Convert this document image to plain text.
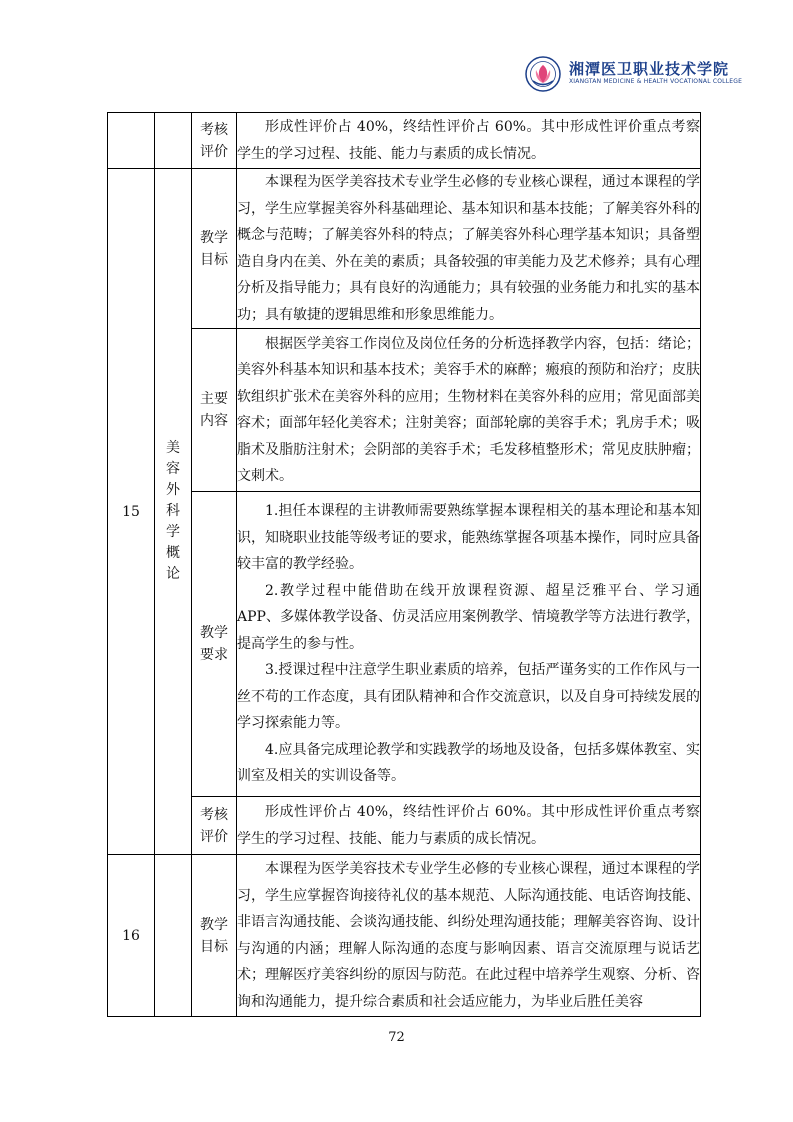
湘潭医卫职业技术学院
XIANGTAN MEDICINE & HEALTH VOCATIONAL COLLEGE
		考核评价	形成性评价占 40%，终结性评价占 60%。其中形成性评价重点考察学生的学习过程、技能、能力与素质的成长情况。

15	美容外科学概论	教学目标	本课程为医学美容技术专业学生必修的专业核心课程，通过本课程的学习，学生应掌握美容外科基础理论、基本知识和基本技能；了解美容外科的概念与范畴；了解美容外科的特点；了解美容外科心理学基本知识；具备塑造自身内在美、外在美的素质；具备较强的审美能力及艺术修养；具有心理分析及指导能力；具有良好的沟通能力；具有较强的业务能力和扎实的基本功；具有敏捷的逻辑思维和形象思维能力。

		主要内容	根据医学美容工作岗位及岗位任务的分析选择教学内容，包括：绪论；美容外科基本知识和基本技术；美容手术的麻醉；瘢痕的预防和治疗；皮肤软组织扩张术在美容外科的应用；生物材料在美容外科的应用；常见面部美容术；面部年轻化美容术；注射美容；面部轮廓的美容手术；乳房手术；吸脂术及脂肪注射术；会阴部的美容手术；毛发移植整形术；常见皮肤肿瘤；文刺术。

		教学要求	1.担任本课程的主讲教师需要熟练掌握本课程相关的基本理论和基本知识，知晓职业技能等级考证的要求，能熟练掌握各项基本操作，同时应具备较丰富的教学经验。

2.教学过程中能借助在线开放课程资源、超星泛雅平台、学习通 APP、多媒体教学设备、仿灵活应用案例教学、情境教学等方法进行教学，提高学生的参与性。

3.授课过程中注意学生职业素质的培养，包括严谨务实的工作作风与一丝不苟的工作态度，具有团队精神和合作交流意识，以及自身可持续发展的学习探索能力等。

4.应具备完成理论教学和实践教学的场地及设备，包括多媒体教室、实训室及相关的实训设备等。

		考核评价	形成性评价占 40%，终结性评价占 60%。其中形成性评价重点考察学生的学习过程、技能、能力与素质的成长情况。

16		教学目标	本课程为医学美容技术专业学生必修的专业核心课程，通过本课程的学习，学生应掌握咨询接待礼仪的基本规范、人际沟通技能、电话咨询技能、非语言沟通技能、会谈沟通技能、纠纷处理沟通技能；理解美容咨询、设计与沟通的内涵；理解人际沟通的态度与影响因素、语言交流原理与说话艺术；理解医疗美容纠纷的原因与防范。在此过程中培养学生观察、分析、咨询和沟通能力，提升综合素质和社会适应能力，为毕业后胜任美容

72
